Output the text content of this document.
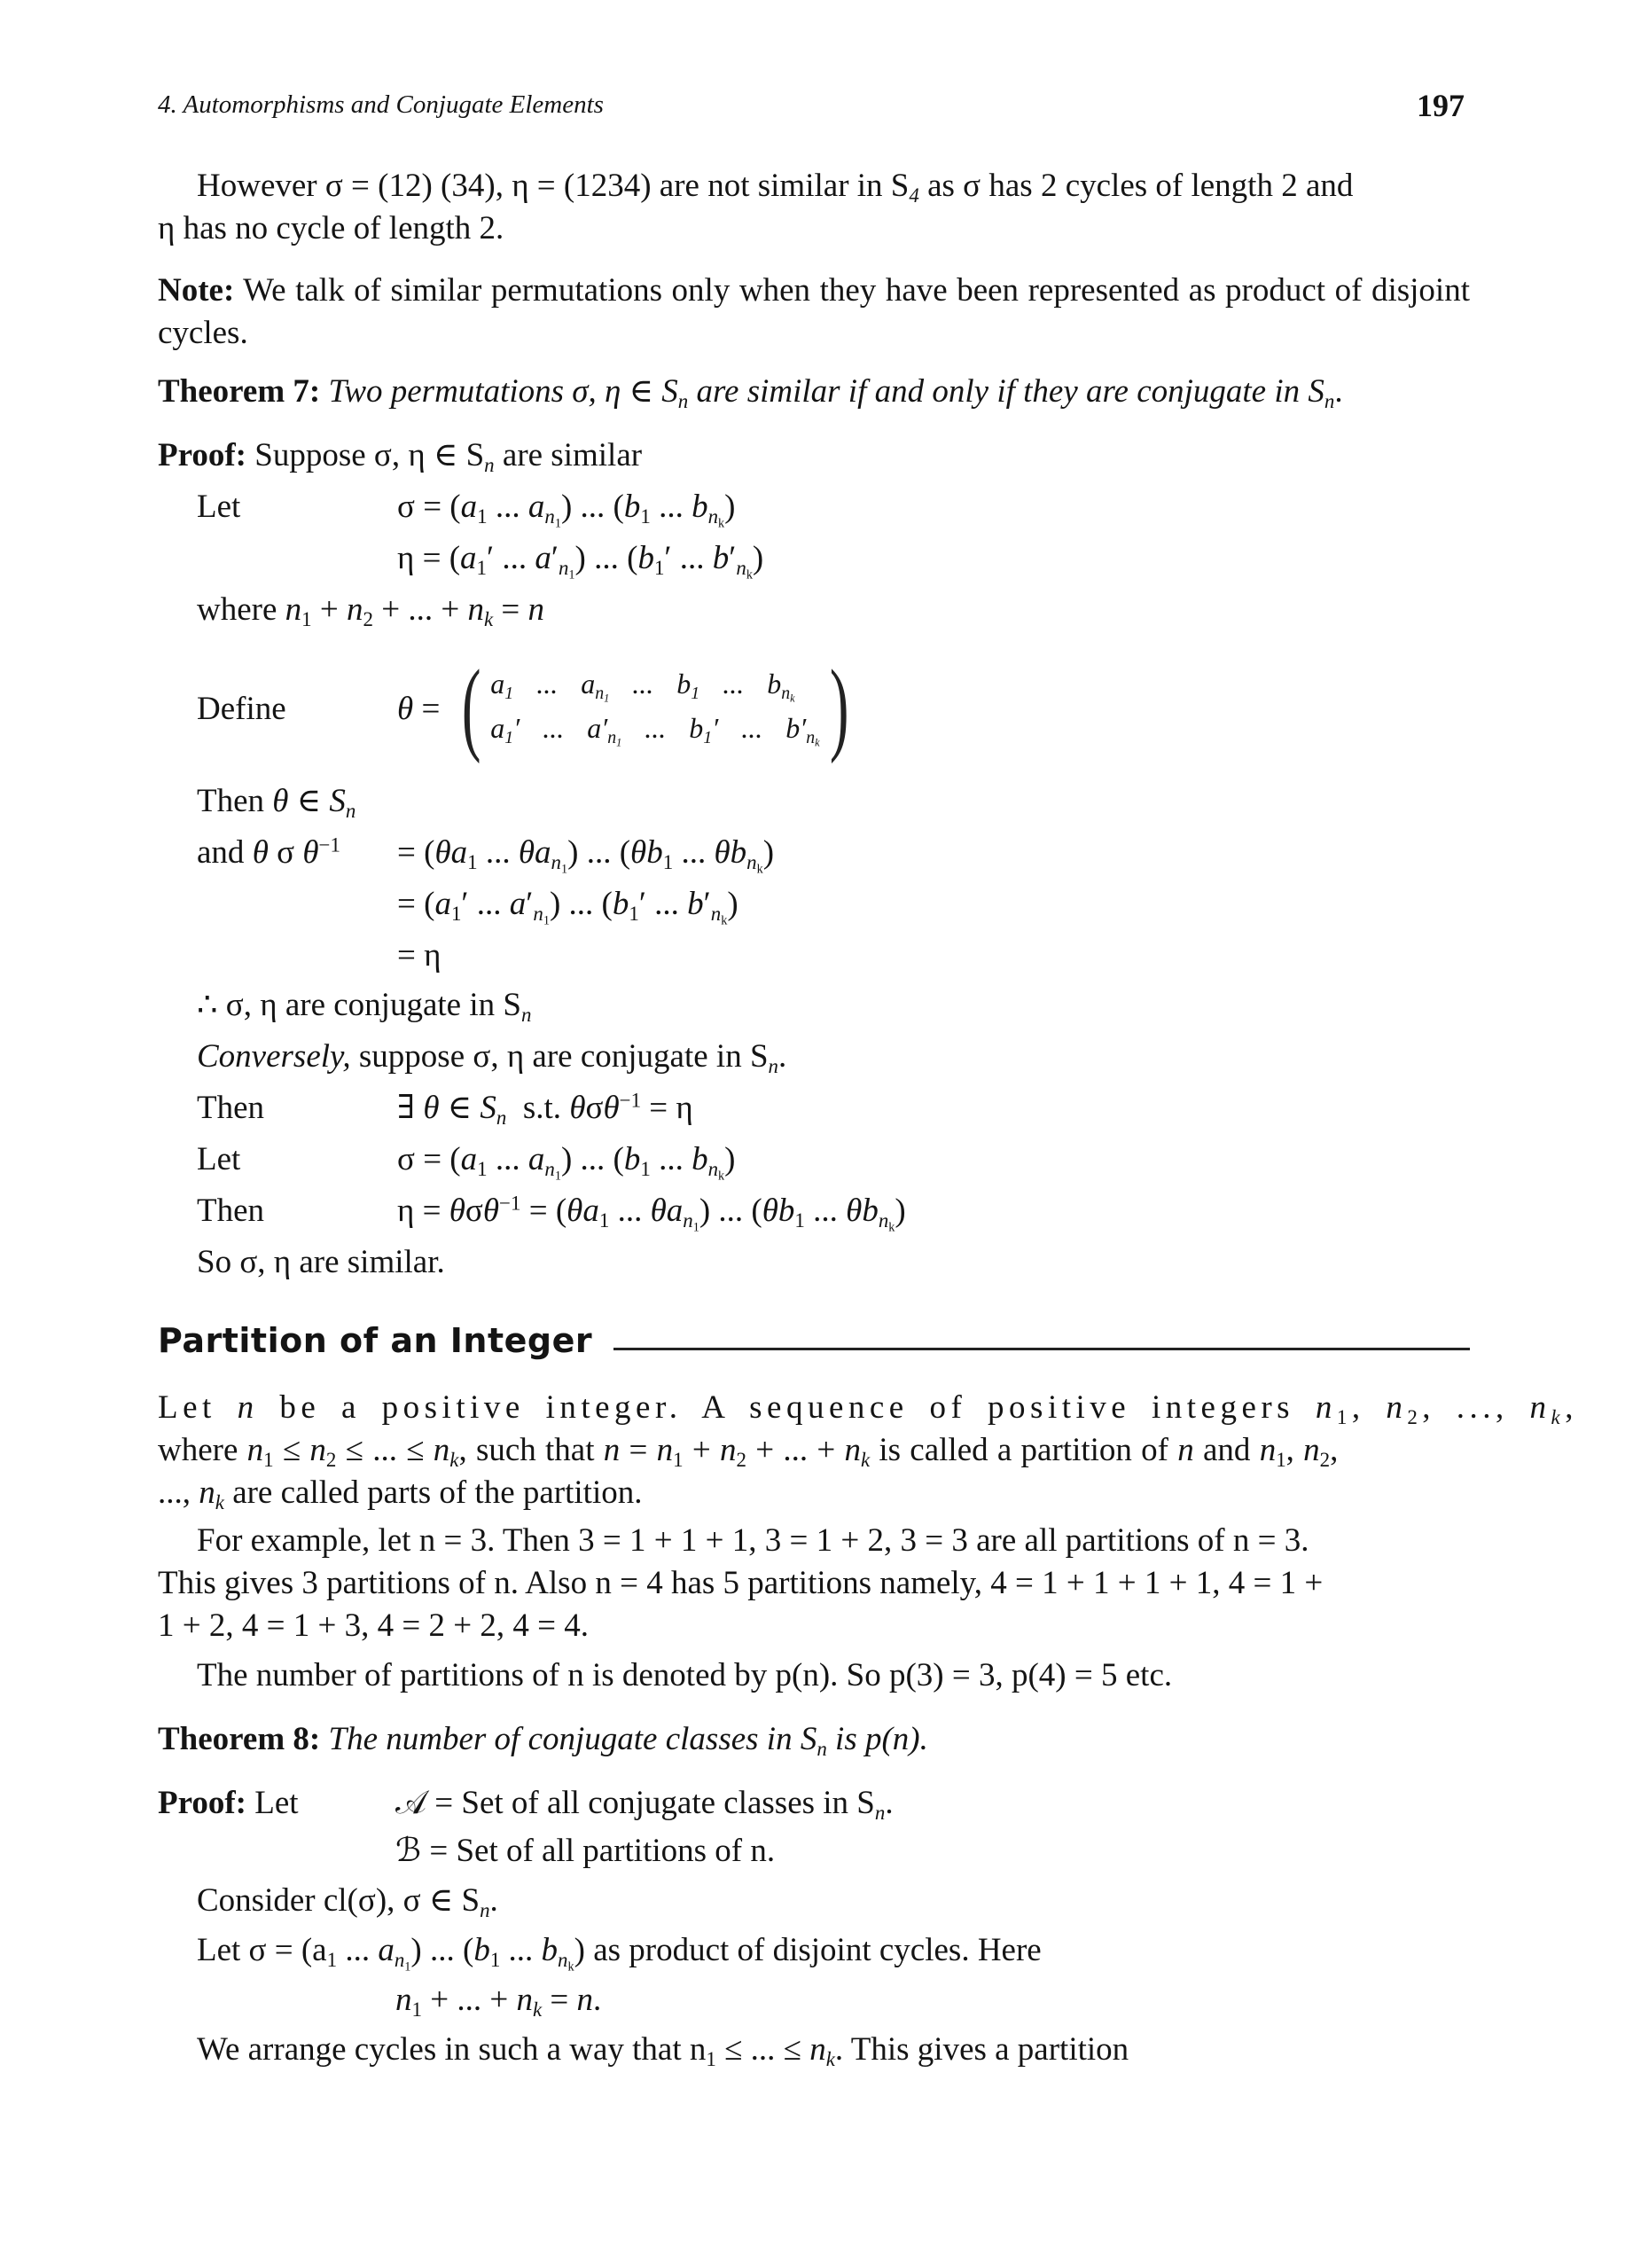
4. Automorphisms and Conjugate Elements	197
However σ = (12) (34), η = (1234) are not similar in $S_4$ as σ has 2 cycles of length 2 and
η has no cycle of length 2.
Note: We talk of similar permutations only when they have been represented as product of disjoint cycles.
Theorem 7: Two permutations σ, η ∈ $S_n$ are similar if and only if they are conjugate in $S_n$.
Proof: Suppose σ, η ∈ $S_n$ are similar
Let	$\sigma = (a_1$ ... $a_{n_1}$) ... ($b_1$ ... $b_{n_k}$)
$\eta = (a_1'$ ... $a'_{n_1}$) ... ($b_1'$ ... $b'_{n_k}$)
where $n_1 + n_2$ + ... + $n_k = n$
Define	θ = ( $a_1$ ... $a_{n_1}$ ... $b_1$ ... $b_{n_k}$
$a_1'$ ... $a'_{n_1}$ ... $b_1'$ ... $b'_{n_k}$ )
Then θ ∈ $S_n$
and θ σ $\theta^{-1} = (\theta a_1$ ... $\theta a_{n_1}$) ... ($\theta b_1$ ... $\theta b_{n_k}$)
= ($a_1'$ ... $a'_{n_1}$) ... ($b_1'$ ... $b'_{n_k}$)
= η
∴ σ, η are conjugate in $S_n$
Conversely, suppose σ, η are conjugate in $S_n$.
Then	∃ θ ∈ $S_n$  s.t. θσθ$^{-1}$ = η
Let	$\sigma = (a_1$ ... $a_{n_1}$) ... ($b_1$ ... $b_{n_k}$)
Then	$\eta = \theta\sigma\theta^{-1} = (\theta a_1$ ... $\theta a_{n_1}$) ... ($\theta b_1$ ... $\theta b_{n_k}$)
So σ, η are similar.
Partition of an Integer
Let n be a positive integer. A sequence of positive integers $n_1$, $n_2$, ..., $n_k$,
where $n_1 \le n_2$ ≤ ... ≤ $n_k$, such that $n = n_1 + n_2$ + ... + $n_k$ is called a partition of n and $n_1$, $n_2$,
..., $n_k$ are called parts of the partition.
For example, let n = 3. Then 3 = 1 + 1 + 1, 3 = 1 + 2, 3 = 3 are all partitions of n = 3.
This gives 3 partitions of n. Also n = 4 has 5 partitions namely, 4 = 1 + 1 + 1 + 1, 4 = 1 +
1 + 2, 4 = 1 + 3, 4 = 2 + 2, 4 = 4.
The number of partitions of n is denoted by p(n). So p(3) = 3, p(4) = 5 etc.
Theorem 8: The number of conjugate classes in $S_n$ is p(n).
Proof: Let	𝒜 = Set of all conjugate classes in $S_n$.
ℬ = Set of all partitions of n.
Consider cl(σ), σ ∈ $S_n$.
Let $\sigma = (a_1$ ... $a_{n_1}$) ... ($b_1$ ... $b_{n_k}$) as product of disjoint cycles. Here
$n_1$ + ... + $n_k = n$.
We arrange cycles in such a way that $n_1$ ≤ ... ≤ $n_k$. This gives a partition
